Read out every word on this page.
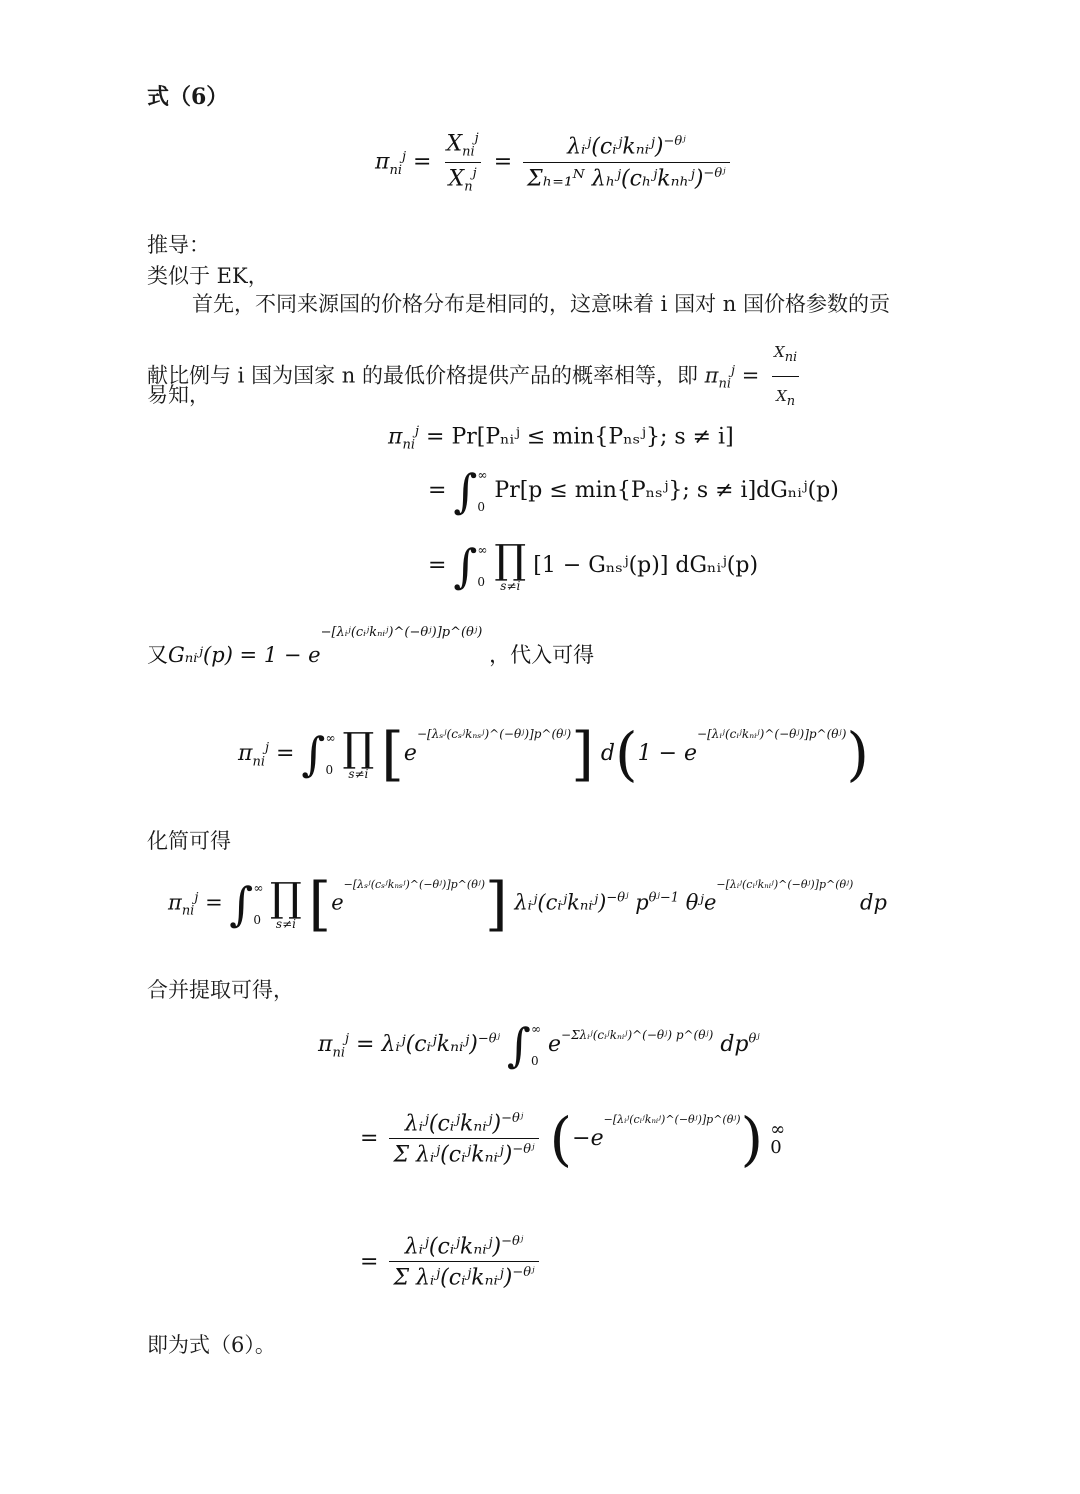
式（6）
$\pi_{ni}^j = \frac{X_{ni}^j}{X_n^j} = \frac{\lambda ᵢʲ(cᵢʲk_nᵢʲ)^{-\theta ʲ}}{\Sigma_{h=1}ᴺ \lambda_hʲ(c_hʲk_{nh}ʲ)^{-\theta ʲ}}$
推导：
类似于 EK，
首先，不同来源国的价格分布是相同的，这意味着 i 国对 n 国价格参数的贡
献比例与 i 国为国家 n 的最低价格提供产品的概率相等，即 $\pi_{ni}^j = \frac{\text{Xni}}{Xn}$
易知，
$\pi_{ni}^j$ = Pr[Pₙᵢʲ ≤ min{Pₙₛʲ}; s ≠ i]
= ∫ ∞
0
Pr[p ≤ min{Pₙₛʲ}; s ≠ i]dGₙᵢʲ(p)
= ∫ ∞
0
∏
s≠i
[1 − Gₙₛʲ(p)] dGₙᵢʲ(p)
又Gₙᵢʲ(p) = $1 - e^{-[\lambda ᵢʲ(cᵢʲk_nᵢʲ)\^{}(-\theta ʲ)]p\^{}(\theta ʲ)}$ ，代入可得
$\pi_{ni}^j$ = ∫ ∞
0
∏
s≠i $[e^{-[\lambda_sʲ(c_sʲk_{ns}ʲ)\^{}(-\theta ʲ)]p\^{}(\theta ʲ)}] d(1 - e^{-[\lambda ᵢʲ(cᵢʲk_nᵢʲ)\^{}(-\theta ʲ)]p\^{}(\theta ʲ)})$
化简可得
$\pi_{ni}^j$ = ∫ ∞
0
∏
s≠i $[e^{-[\lambda_sʲ(c_sʲk_{ns}ʲ)\^{}(-\theta ʲ)]p\^{}(\theta ʲ)}]$ λᵢʲ(cᵢʲkₙᵢʲ)$^{-\theta ʲ}$ $p^{\theta ʲ-1}$ θʲe$^{-[\lambda ᵢʲ(cᵢʲk_nᵢʲ)\^{}(-\theta ʲ)]p\^{}(\theta ʲ)}$ dp
合并提取可得，
$\pi_{ni}^j$ = λᵢʲ(cᵢʲkₙᵢʲ)$^{-\theta ʲ}$ ∫ ∞
0
$e^{-\Sigma\lambda ᵢʲ(cᵢʲk_nᵢʲ)\^{}(-\theta ʲ) p\^{}(\theta ʲ)}$ $dp^{\theta ʲ}$
= $\frac{\lambda ᵢʲ(cᵢʲk_nᵢʲ)^{-\theta ʲ}}{\Sigma \lambda ᵢʲ(cᵢʲk_nᵢʲ)^{-\theta ʲ}} (-e^{-[\lambda ᵢʲ(cᵢʲk_nᵢʲ)\^{}(-\theta ʲ)]p\^{}(\theta ʲ)})$ ∞
0
= $\frac{\lambda ᵢʲ(cᵢʲk_nᵢʲ)^{-\theta ʲ}}{\Sigma \lambda ᵢʲ(cᵢʲk_nᵢʲ)^{-\theta ʲ}}$
即为式（6）。
